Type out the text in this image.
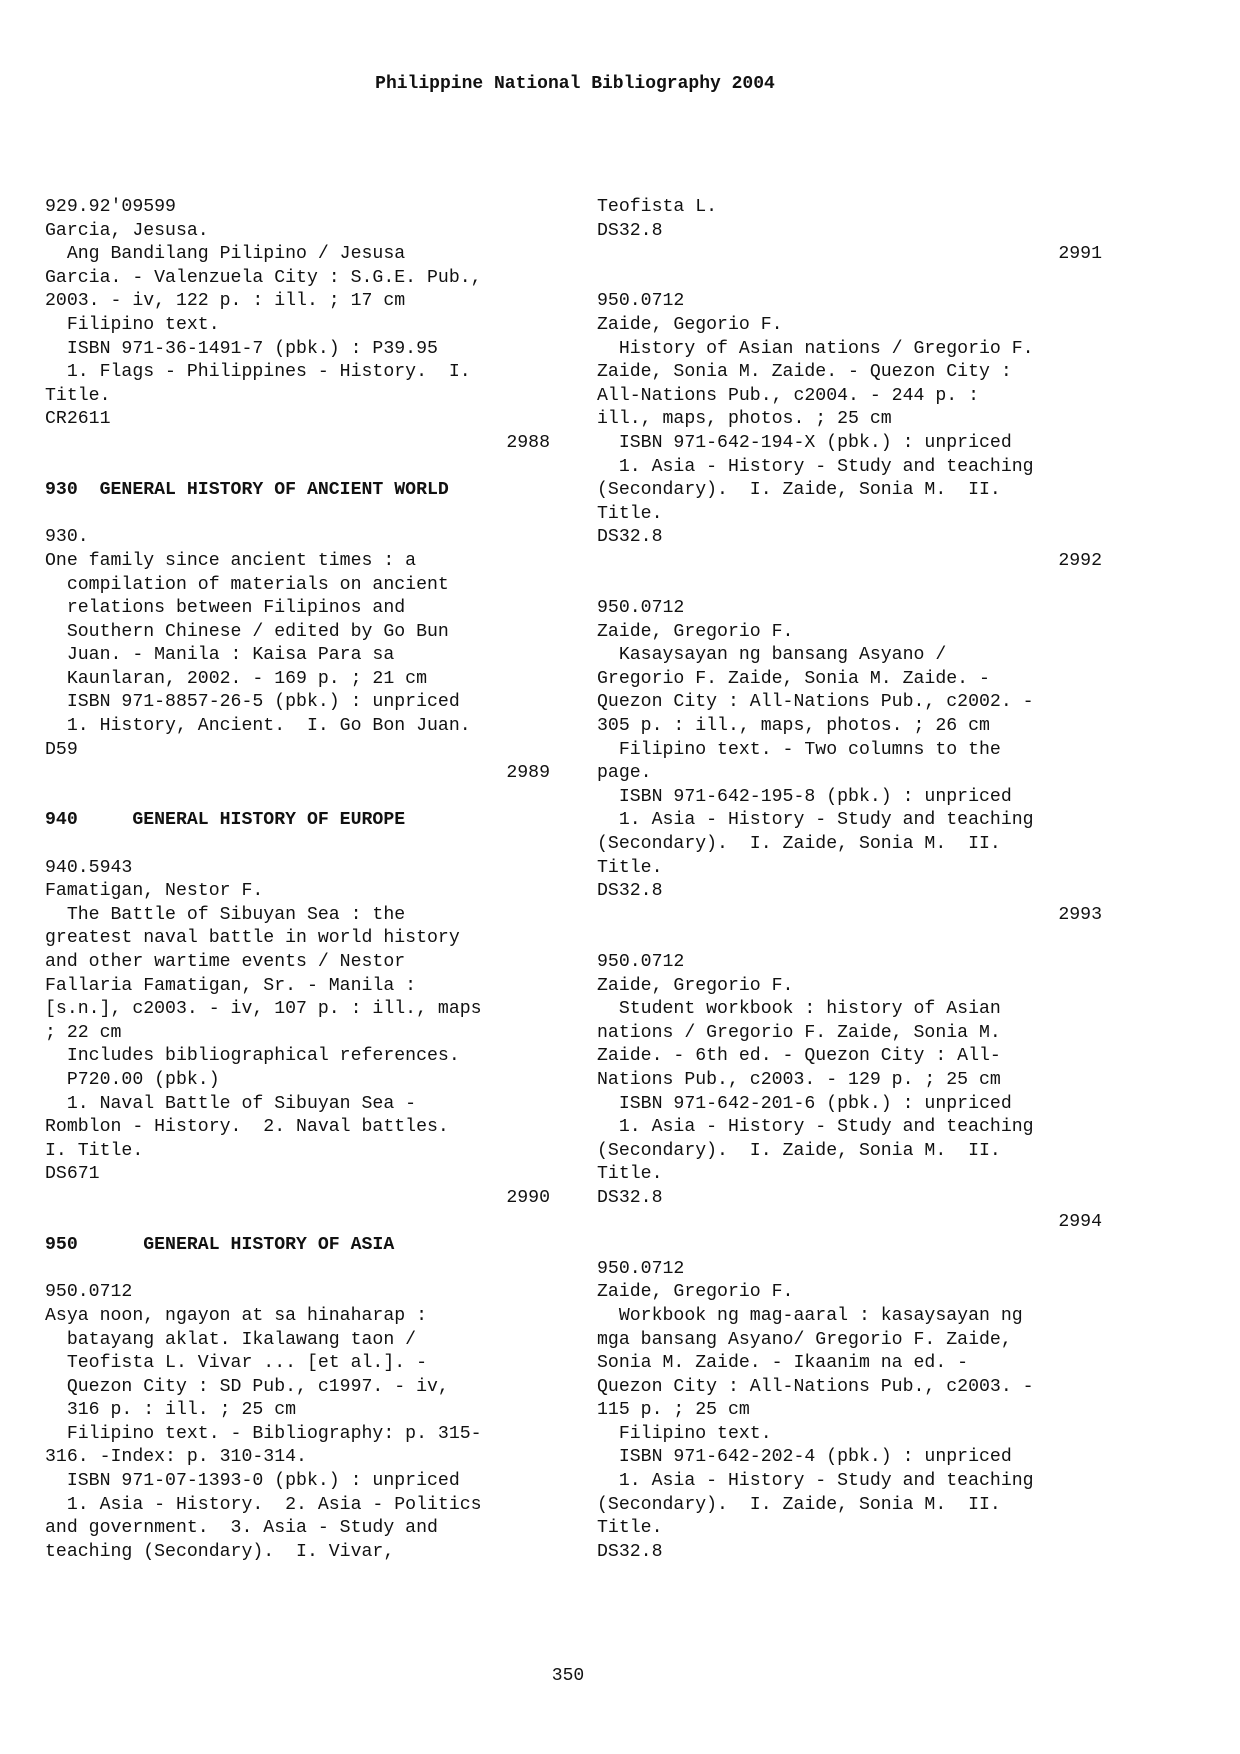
Philippine National Bibliography 2004
929.92'09599
Garcia, Jesusa.
Ang Bandilang Pilipino / Jesusa
Garcia. - Valenzuela City : S.G.E. Pub.,
2003. - iv, 122 p. : ill. ; 17 cm
Filipino text.
ISBN 971-36-1491-7 (pbk.) : P39.95
1. Flags - Philippines - History.  I.
Title.
CR2611
2988
930  GENERAL HISTORY OF ANCIENT WORLD
930.
One family since ancient times : a
compilation of materials on ancient
relations between Filipinos and
Southern Chinese / edited by Go Bun
Juan. - Manila : Kaisa Para sa
Kaunlaran, 2002. - 169 p. ; 21 cm
ISBN 971-8857-26-5 (pbk.) : unpriced
1. History, Ancient.  I. Go Bon Juan.
D59
2989
940     GENERAL HISTORY OF EUROPE
940.5943
Famatigan, Nestor F.
The Battle of Sibuyan Sea : the
greatest naval battle in world history
and other wartime events / Nestor
Fallaria Famatigan, Sr. - Manila :
[s.n.], c2003. - iv, 107 p. : ill., maps
; 22 cm
Includes bibliographical references.
P720.00 (pbk.)
1. Naval Battle of Sibuyan Sea -
Romblon - History.  2. Naval battles.
I. Title.
DS671
2990
950      GENERAL HISTORY OF ASIA
950.0712
Asya noon, ngayon at sa hinaharap :
batayang aklat. Ikalawang taon /
Teofista L. Vivar ... [et al.]. -
Quezon City : SD Pub., c1997. - iv,
316 p. : ill. ; 25 cm
Filipino text. - Bibliography: p. 315-
316. -Index: p. 310-314.
ISBN 971-07-1393-0 (pbk.) : unpriced
1. Asia - History.  2. Asia - Politics
and government.  3. Asia - Study and
teaching (Secondary).  I. Vivar,
Teofista L.
DS32.8
2991
950.0712
Zaide, Gegorio F.
History of Asian nations / Gregorio F.
Zaide, Sonia M. Zaide. - Quezon City :
All-Nations Pub., c2004. - 244 p. :
ill., maps, photos. ; 25 cm
ISBN 971-642-194-X (pbk.) : unpriced
1. Asia - History - Study and teaching
(Secondary).  I. Zaide, Sonia M.  II.
Title.
DS32.8
2992
950.0712
Zaide, Gregorio F.
Kasaysayan ng bansang Asyano /
Gregorio F. Zaide, Sonia M. Zaide. -
Quezon City : All-Nations Pub., c2002. -
305 p. : ill., maps, photos. ; 26 cm
Filipino text. - Two columns to the
page.
ISBN 971-642-195-8 (pbk.) : unpriced
1. Asia - History - Study and teaching
(Secondary).  I. Zaide, Sonia M.  II.
Title.
DS32.8
2993
950.0712
Zaide, Gregorio F.
Student workbook : history of Asian
nations / Gregorio F. Zaide, Sonia M.
Zaide. - 6th ed. - Quezon City : All-
Nations Pub., c2003. - 129 p. ; 25 cm
ISBN 971-642-201-6 (pbk.) : unpriced
1. Asia - History - Study and teaching
(Secondary).  I. Zaide, Sonia M.  II.
Title.
DS32.8
2994
950.0712
Zaide, Gregorio F.
Workbook ng mag-aaral : kasaysayan ng
mga bansang Asyano/ Gregorio F. Zaide,
Sonia M. Zaide. - Ikaanim na ed. -
Quezon City : All-Nations Pub., c2003. -
115 p. ; 25 cm
Filipino text.
ISBN 971-642-202-4 (pbk.) : unpriced
1. Asia - History - Study and teaching
(Secondary).  I. Zaide, Sonia M.  II.
Title.
DS32.8
350
